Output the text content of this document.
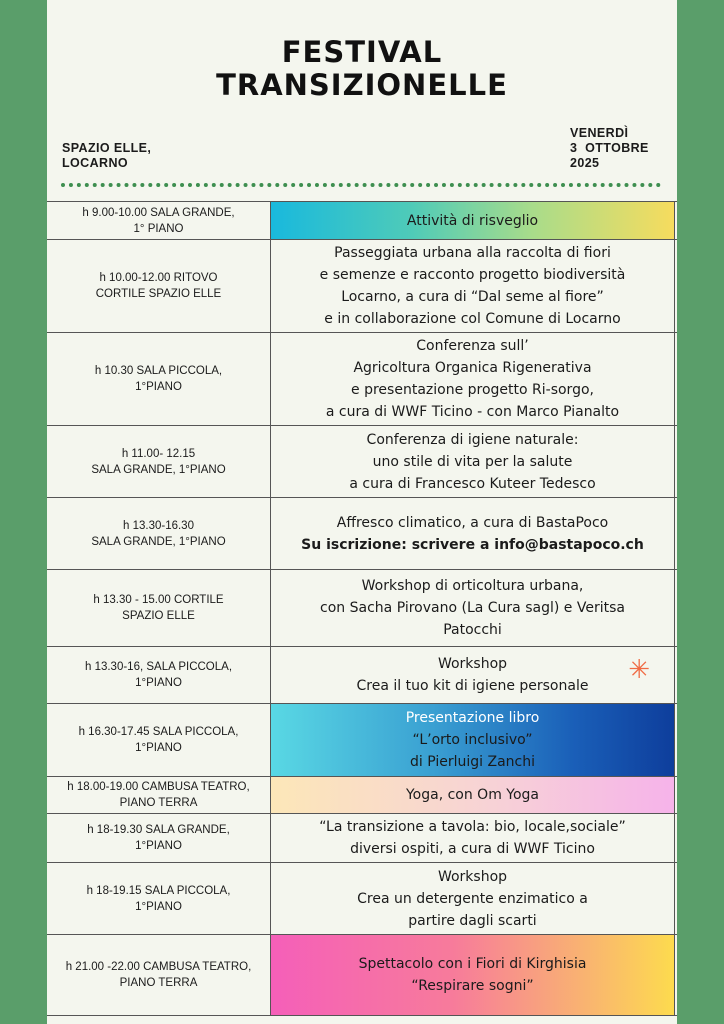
FESTIVAL
TRANSIZIONELLE
SPAZIO ELLE,
LOCARNO
VENERDÌ
3  OTTOBRE
2025
h 9.00-10.00 SALA GRANDE,
1° PIANO	Attività di risveglio
h 10.00-12.00 RITOVO
CORTILE SPAZIO ELLE
Passeggiata urbana alla raccolta di fiori
e semenze e racconto progetto biodiversità
Locarno, a cura di “Dal seme al fiore”
e in collaborazione col Comune di Locarno
h 10.30 SALA PICCOLA,
1°PIANO
Conferenza sull’
Agricoltura Organica Rigenerativa
e presentazione progetto Ri-sorgo,
a cura di WWF Ticino - con Marco Pianalto
h 11.00- 12.15
SALA GRANDE, 1°PIANO
Conferenza di igiene naturale:
uno stile di vita per la salute
a cura di Francesco Kuteer Tedesco
h 13.30-16.30
SALA GRANDE, 1°PIANO
Affresco climatico, a cura di BastaPoco
Su iscrizione: scrivere a info@bastapoco.ch
h 13.30 - 15.00 CORTILE
SPAZIO ELLE
Workshop di orticoltura urbana,
con Sacha Pirovano (La Cura sagl) e Veritsa
Patocchi
h 13.30-16, SALA PICCOLA,
1°PIANO
Workshop
Crea il tuo kit di igiene personale
✳
h 16.30-17.45 SALA PICCOLA,
1°PIANO
Presentazione libro
“L’orto inclusivo”
di Pierluigi Zanchi
h 18.00-19.00 CAMBUSA TEATRO,
PIANO TERRA	Yoga, con Om Yoga
h 18-19.30 SALA GRANDE,
1°PIANO
“La transizione a tavola: bio, locale,sociale”
diversi ospiti, a cura di WWF Ticino
h 18-19.15 SALA PICCOLA,
1°PIANO
Workshop
Crea un detergente enzimatico a
partire dagli scarti
h 21.00 -22.00 CAMBUSA TEATRO,
PIANO TERRA
Spettacolo con i Fiori di Kirghisia
“Respirare sogni”
